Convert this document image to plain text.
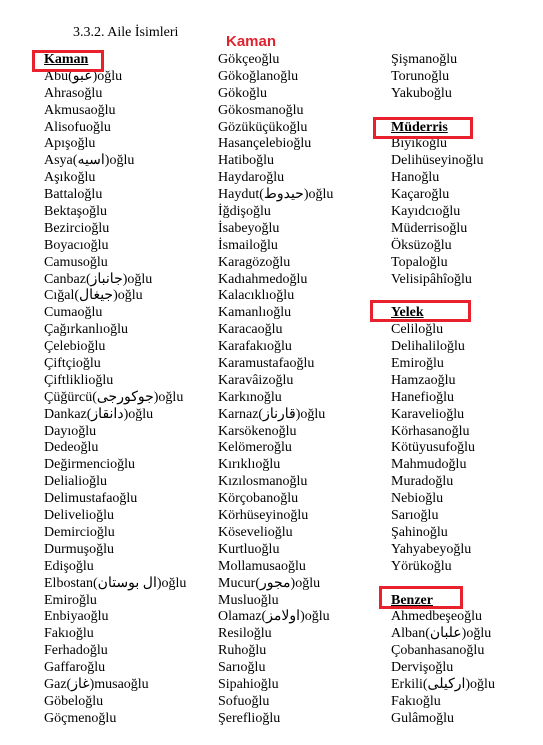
3.3.2. Aile İsimleri
Kaman
Kaman
Abu(عبو)oğlu
Ahrasoğlu
Akmusaoğlu
Alisofuoğlu
Apışoğlu
Asya(اسيه)oğlu
Aşıkoğlu
Battaloğlu
Bektaşoğlu
Bezircioğlu
Boyacıoğlu
Camusoğlu
Canbaz(جانباز)oğlu
Cığal(جيغال)oğlu
Cumaoğlu
Çağırkanlıoğlu
Çelebioğlu
Çiftçioğlu
Çiftliklioğlu
Çüğürcü(جوكورجى)oğlu
Dankaz(دانقاز)oğlu
Dayıoğlu
Dedeoğlu
Değirmencioğlu
Delialioğlu
Delimustafaoğlu
Delivelioğlu
Demircioğlu
Durmuşoğlu
Edişoğlu
Elbostan(ال بوستان)oğlu
Emiroğlu
Enbiyaoğlu
Fakıoğlu
Ferhadoğlu
Gaffaroğlu
Gaz(غاز)musaoğlu
Göbeloğlu
Göçmenoğlu
Gökçeoğlu
Gökoğlanoğlu
Gökoğlu
Gökosmanoğlu
Gözüküçükoğlu
Hasançelebioğlu
Hatiboğlu
Haydaroğlu
Haydut(حيدوط)oğlu
İğdişoğlu
İsabeyoğlu
İsmailoğlu
Karagözoğlu
Kadıahmedoğlu
Kalacıklıoğlu
Kamanlıoğlu
Karacaoğlu
Karafakıoğlu
Karamustafaoğlu
Karavâizoğlu
Karkınoğlu
Karnaz(قارناز)oğlu
Karsökenoğlu
Kelömeroğlu
Kırıklıoğlu
Kızılosmanoğlu
Körçobanoğlu
Körhüseyinoğlu
Köseveliоğlu
Kurtluoğlu
Mollamusaoğlu
Mucur(مجور)oğlu
Musluoğlu
Olamaz(اولامز)oğlu
Resiloğlu
Ruhoğlu
Sarıoğlu
Sipahioğlu
Sofuoğlu
Şereflioğlu
Şişmanoğlu
Torunoğlu
Yakuboğlu
Müderris
Bıyıkoğlu
Delihüseyinoğlu
Hanoğlu
Kaçaroğlu
Kayıdcıoğlu
Müderrisoğlu
Öksüzoğlu
Topaloğlu
Velisipâhîoğlu
Yelek
Celiloğlu
Delihaliloğlu
Emiroğlu
Hamzaoğlu
Hanefioğlu
Karavelioğlu
Körhasanoğlu
Kötüyusufoğlu
Mahmudoğlu
Muradoğlu
Nebioğlu
Sarıoğlu
Şahinoğlu
Yahyabeyoğlu
Yörükoğlu
Benzer
Ahmedbeşeoğlu
Alban(علبان)oğlu
Çobanhasanoğlu
Dervişoğlu
Erkili(اركيلى)oğlu
Fakıoğlu
Gulâmoğlu
